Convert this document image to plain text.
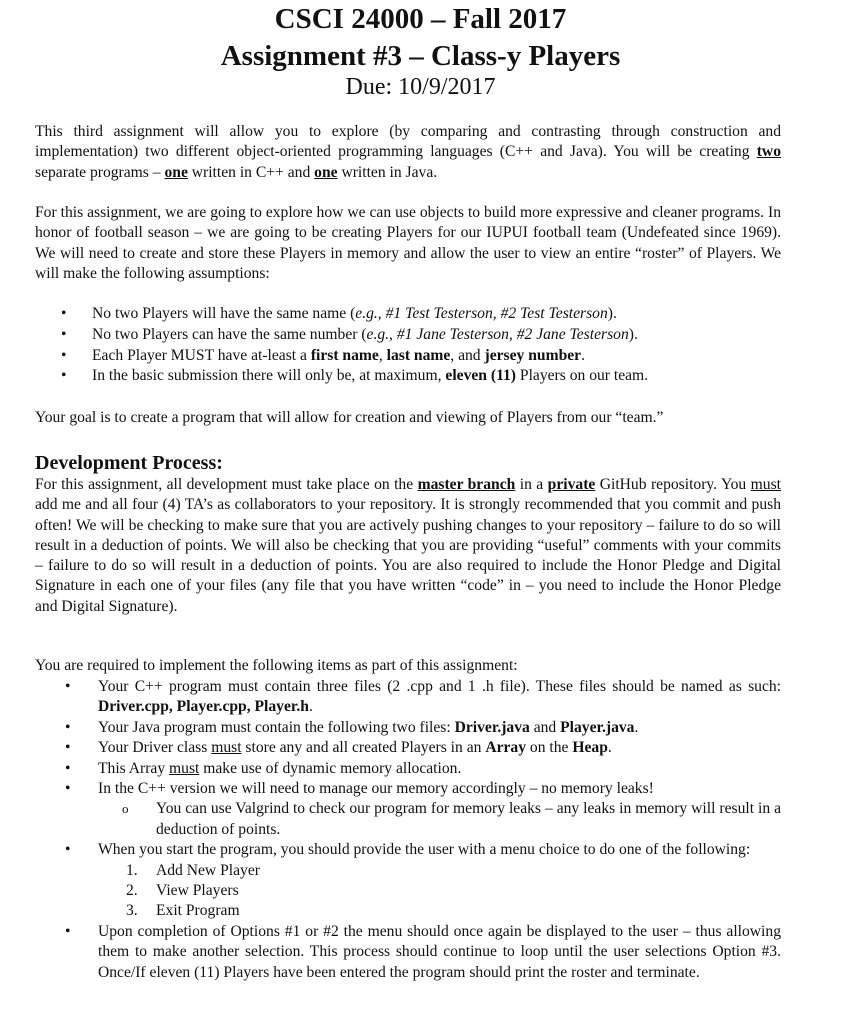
CSCI 24000 – Fall 2017
Assignment #3 – Class-y Players
Due: 10/9/2017
This third assignment will allow you to explore (by comparing and contrasting through construction and implementation) two different object-oriented programming languages (C++ and Java). You will be creating two separate programs – one written in C++ and one written in Java.
For this assignment, we are going to explore how we can use objects to build more expressive and cleaner programs. In honor of football season – we are going to be creating Players for our IUPUI football team (Undefeated since 1969). We will need to create and store these Players in memory and allow the user to view an entire “roster” of Players. We will make the following assumptions:
• No two Players will have the same name (e.g., #1 Test Testerson, #2 Test Testerson).
• No two Players can have the same number (e.g., #1 Jane Testerson, #2 Jane Testerson).
• Each Player MUST have at-least a first name, last name, and jersey number.
• In the basic submission there will only be, at maximum, eleven (11) Players on our team.
Your goal is to create a program that will allow for creation and viewing of Players from our “team.”
Development Process:
For this assignment, all development must take place on the master branch in a private GitHub repository. You must add me and all four (4) TA’s as collaborators to your repository. It is strongly recommended that you commit and push often! We will be checking to make sure that you are actively pushing changes to your repository – failure to do so will result in a deduction of points. We will also be checking that you are providing “useful” comments with your commits – failure to do so will result in a deduction of points. You are also required to include the Honor Pledge and Digital Signature in each one of your files (any file that you have written “code” in – you need to include the Honor Pledge and Digital Signature).
You are required to implement the following items as part of this assignment:
• Your C++ program must contain three files (2 .cpp and 1 .h file). These files should be named as such: Driver.cpp, Player.cpp, Player.h.
• Your Java program must contain the following two files: Driver.java and Player.java.
• Your Driver class must store any and all created Players in an Array on the Heap.
• This Array must make use of dynamic memory allocation.
• In the C++ version we will need to manage our memory accordingly – no memory leaks!
o You can use Valgrind to check our program for memory leaks – any leaks in memory will result in a deduction of points.
• When you start the program, you should provide the user with a menu choice to do one of the following:
1. Add New Player
2. View Players
3. Exit Program
• Upon completion of Options #1 or #2 the menu should once again be displayed to the user – thus allowing them to make another selection. This process should continue to loop until the user selections Option #3. Once/If eleven (11) Players have been entered the program should print the roster and terminate.
